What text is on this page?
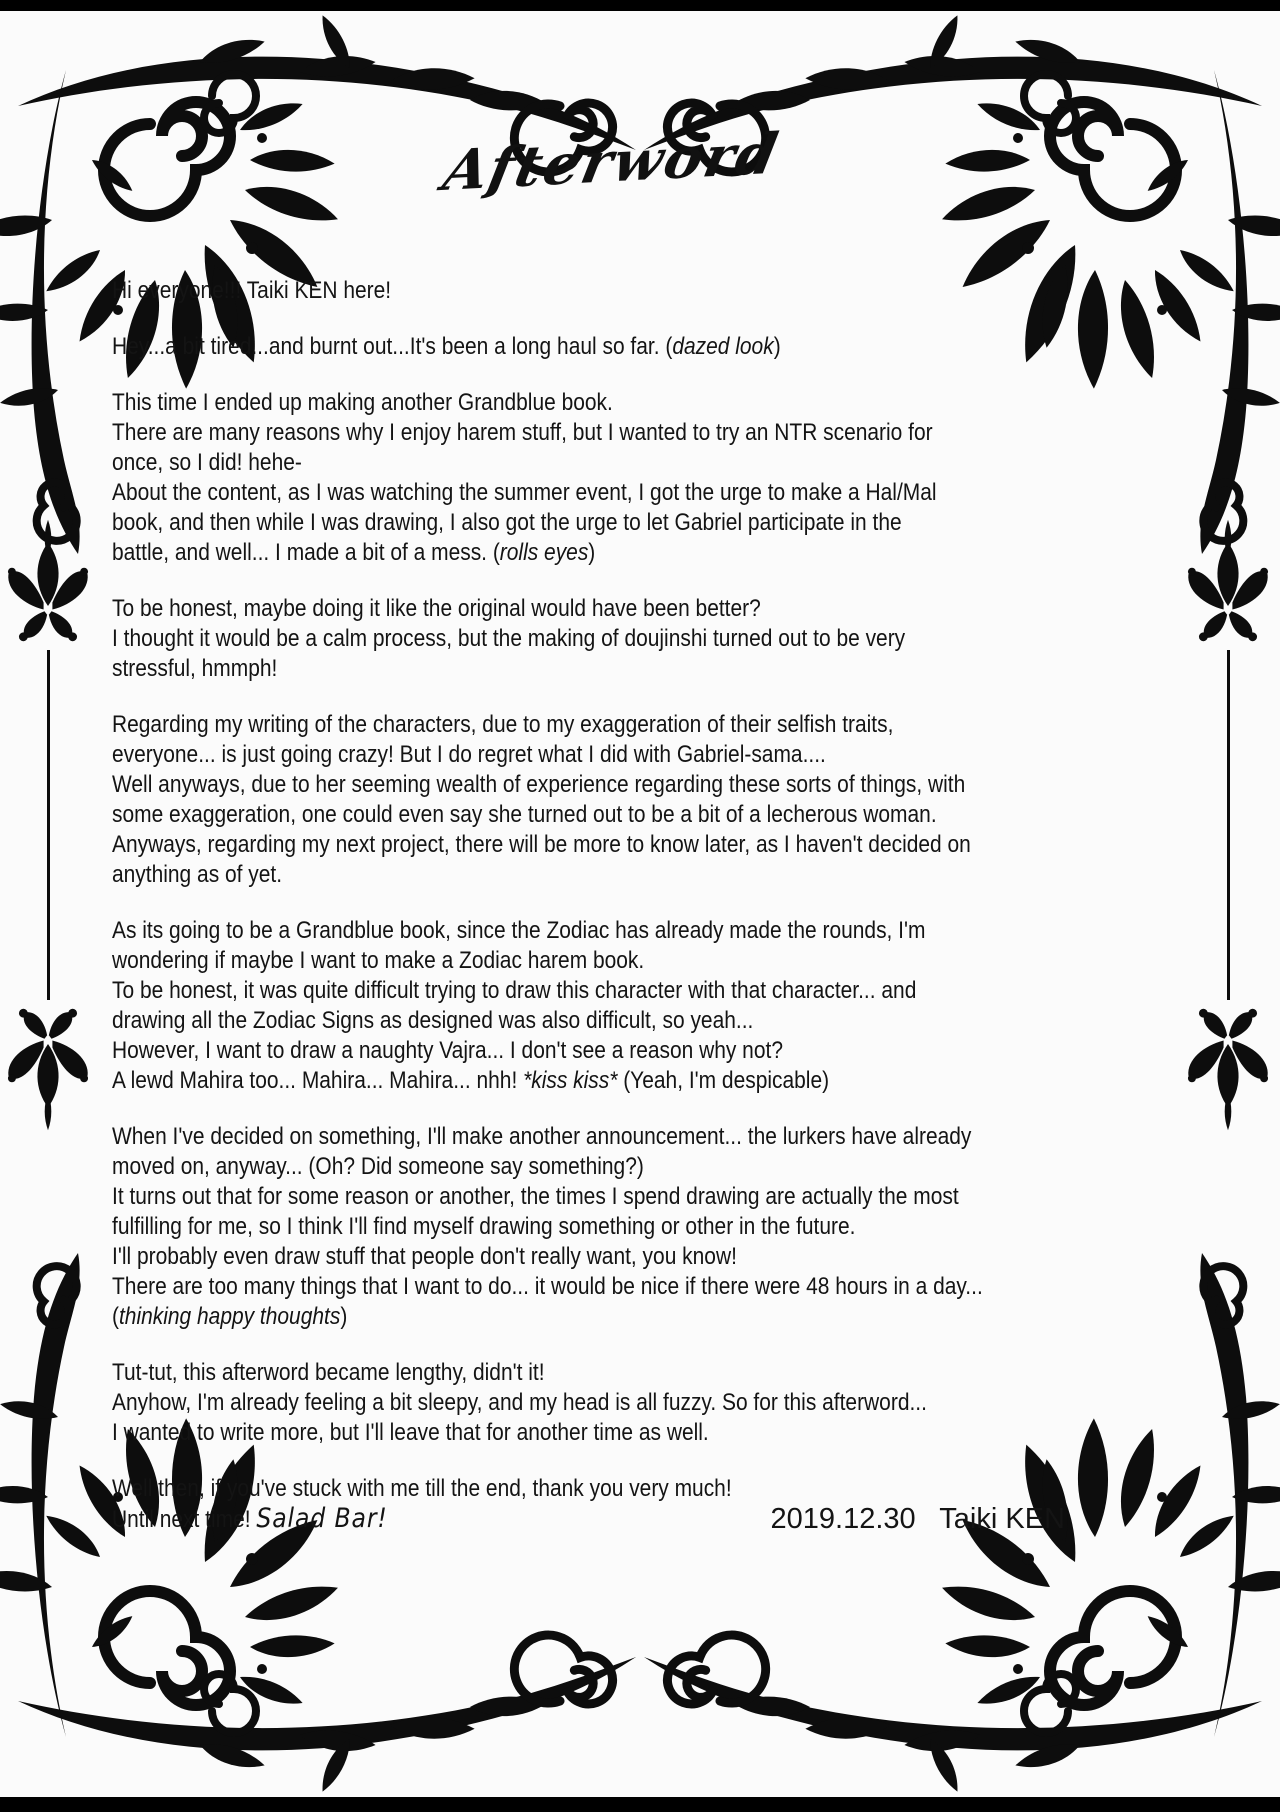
Afterword

Hi everyone!!! Taiki KEN here!

Hey...a bit tired...and burnt out...It's been a long haul so far. (dazed look)

This time I ended up making another Grandblue book.
There are many reasons why I enjoy harem stuff, but I wanted to try an NTR scenario for
once, so I did! hehe-
About the content, as I was watching the summer event, I got the urge to make a Hal/Mal
book, and then while I was drawing, I also got the urge to let Gabriel participate in the
battle, and well... I made a bit of a mess. (rolls eyes)

To be honest, maybe doing it like the original would have been better?
I thought it would be a calm process, but the making of doujinshi turned out to be very
stressful, hmmph!

Regarding my writing of the characters, due to my exaggeration of their selfish traits,
everyone... is just going crazy! But I do regret what I did with Gabriel-sama....
Well anyways, due to her seeming wealth of experience regarding these sorts of things, with
some exaggeration, one could even say she turned out to be a bit of a lecherous woman.
Anyways, regarding my next project, there will be more to know later, as I haven't decided on
anything as of yet.

As its going to be a Grandblue book, since the Zodiac has already made the rounds, I'm
wondering if maybe I want to make a Zodiac harem book.
To be honest, it was quite difficult trying to draw this character with that character... and
drawing all the Zodiac Signs as designed was also difficult, so yeah...
However, I want to draw a naughty Vajra... I don't see a reason why not?
A lewd Mahira too... Mahira... Mahira... nhh! *kiss kiss* (Yeah, I'm despicable)

When I've decided on something, I'll make another announcement... the lurkers have already
moved on, anyway... (Oh? Did someone say something?)
It turns out that for some reason or another, the times I spend drawing are actually the most
fulfilling for me, so I think I'll find myself drawing something or other in the future.
I'll probably even draw stuff that people don't really want, you know!
There are too many things that I want to do... it would be nice if there were 48 hours in a day...
(thinking happy thoughts)

Tut-tut, this afterword became lengthy, didn't it!
Anyhow, I'm already feeling a bit sleepy, and my head is all fuzzy. So for this afterword...
I wanted to write more, but I'll leave that for another time as well.

Well then, if you've stuck with me till the end, thank you very much!
Until next time! Salad Bar!	2019.12.30   Taiki KEN
